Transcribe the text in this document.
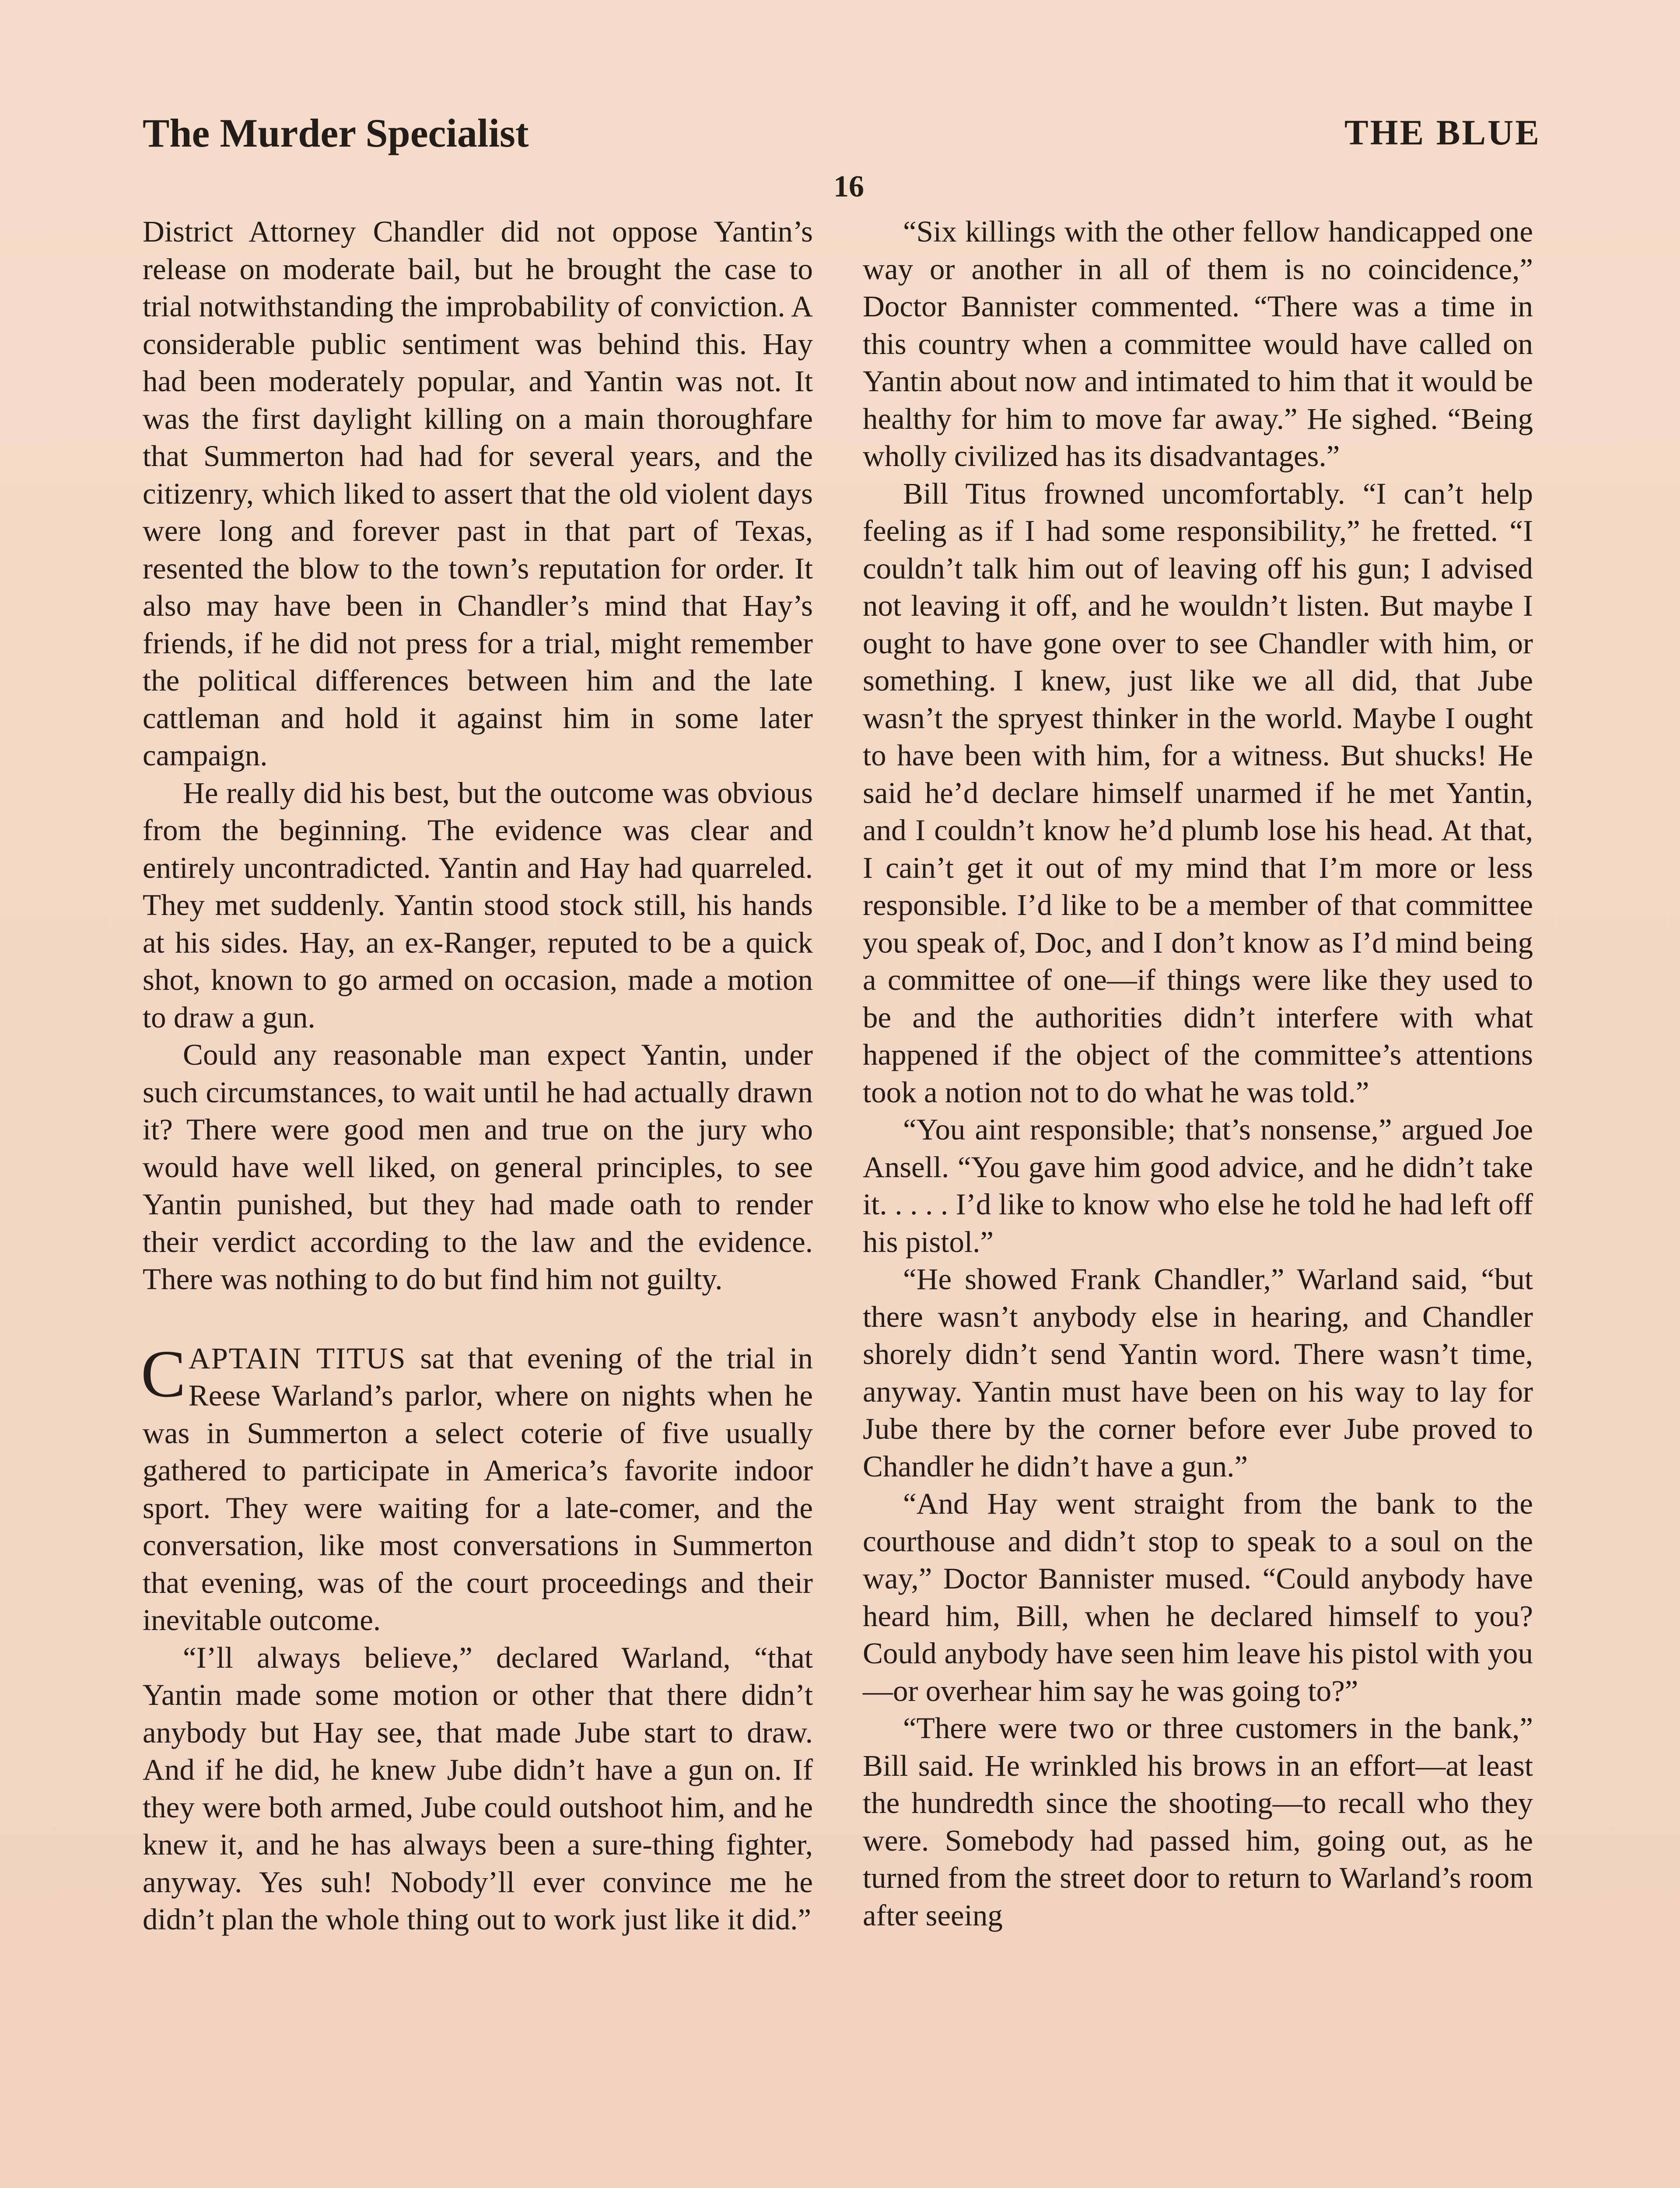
The Murder Specialist	THE BLUE
16

District Attorney Chandler did not oppose Yantin’s release on moderate bail, but he brought the case to trial notwithstanding the improbability of conviction. A considerable public sentiment was behind this. Hay had been moderately popular, and Yantin was not. It was the first daylight killing on a main thoroughfare that Summerton had had for several years, and the citizenry, which liked to assert that the old violent days were long and forever past in that part of Texas, resented the blow to the town’s reputation for order. It also may have been in Chandler’s mind that Hay’s friends, if he did not press for a trial, might remember the political differences between him and the late cattleman and hold it against him in some later campaign.

He really did his best, but the outcome was obvious from the beginning. The evidence was clear and entirely uncontradicted. Yantin and Hay had quarreled. They met suddenly. Yantin stood stock still, his hands at his sides. Hay, an ex-Ranger, reputed to be a quick shot, known to go armed on occasion, made a motion to draw a gun.

Could any reasonable man expect Yantin, under such circumstances, to wait until he had actually drawn it? There were good men and true on the jury who would have well liked, on general principles, to see Yantin punished, but they had made oath to render their verdict according to the law and the evidence. There was nothing to do but find him not guilty.

CAPTAIN TITUS sat that evening of the trial in Reese Warland’s parlor, where on nights when he was in Summerton a select coterie of five usually gathered to participate in America’s favorite indoor sport. They were waiting for a late-comer, and the conversation, like most conversations in Summerton that evening, was of the court proceedings and their inevitable outcome.

“I’ll always believe,” declared Warland, “that Yantin made some motion or other that there didn’t anybody but Hay see, that made Jube start to draw. And if he did, he knew Jube didn’t have a gun on. If they were both armed, Jube could outshoot him, and he knew it, and he has always been a sure-thing fighter, anyway. Yes suh! Nobody’ll ever convince me he didn’t plan the whole thing out to work just like it did.”

“Six killings with the other fellow handicapped one way or another in all of them is no coincidence,” Doctor Bannister commented. “There was a time in this country when a committee would have called on Yantin about now and intimated to him that it would be healthy for him to move far away.” He sighed. “Being wholly civilized has its disadvantages.”

Bill Titus frowned uncomfortably. “I can’t help feeling as if I had some responsibility,” he fretted. “I couldn’t talk him out of leaving off his gun; I advised not leaving it off, and he wouldn’t listen. But maybe I ought to have gone over to see Chandler with him, or something. I knew, just like we all did, that Jube wasn’t the spryest thinker in the world. Maybe I ought to have been with him, for a witness. But shucks! He said he’d declare himself unarmed if he met Yantin, and I couldn’t know he’d plumb lose his head. At that, I cain’t get it out of my mind that I’m more or less responsible. I’d like to be a member of that committee you speak of, Doc, and I don’t know as I’d mind being a committee of one—if things were like they used to be and the authorities didn’t interfere with what happened if the object of the committee’s attentions took a notion not to do what he was told.”

“You aint responsible; that’s nonsense,” argued Joe Ansell. “You gave him good advice, and he didn’t take it. . . . . I’d like to know who else he told he had left off his pistol.”

“He showed Frank Chandler,” Warland said, “but there wasn’t anybody else in hearing, and Chandler shorely didn’t send Yantin word. There wasn’t time, anyway. Yantin must have been on his way to lay for Jube there by the corner before ever Jube proved to Chandler he didn’t have a gun.”

“And Hay went straight from the bank to the courthouse and didn’t stop to speak to a soul on the way,” Doctor Bannister mused. “Could anybody have heard him, Bill, when he declared himself to you? Could anybody have seen him leave his pistol with you—or overhear him say he was going to?”

“There were two or three customers in the bank,” Bill said. He wrinkled his brows in an effort—at least the hundredth since the shooting—to recall who they were. Somebody had passed him, going out, as he turned from the street door to return to Warland’s room after seeing
